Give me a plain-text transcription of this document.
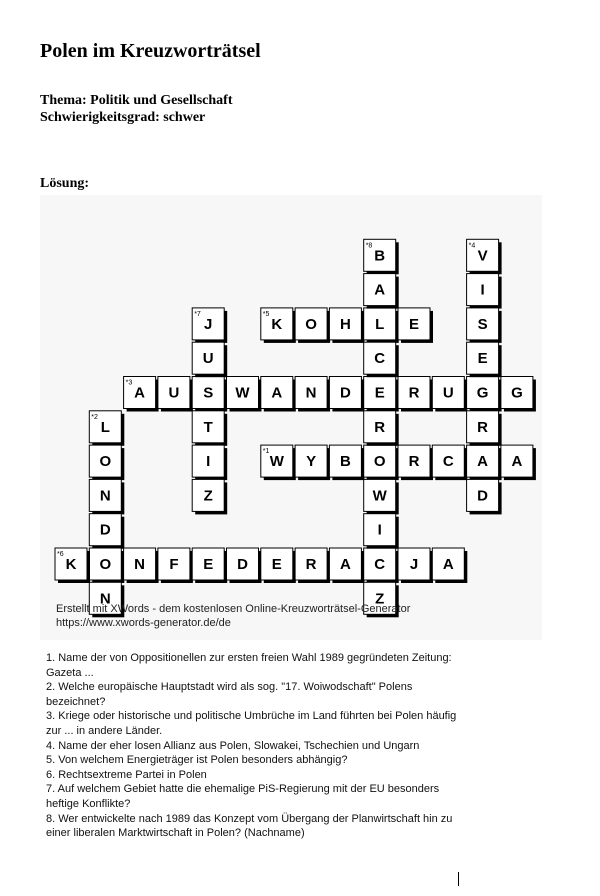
Polen im Kreuzworträtsel
Thema: Politik und Gesellschaft
Schwierigkeitsgrad: schwer
Lösung:
W
*1
Y B O R C A A
L
*2
O
N
D
O
N
A
*3
U S W A N D E R U G G
V
*4
I
S
E
R
D
K
*5
O H L E
K
*6
N F E D E R A C J A
J
*7
U
T
I
Z
B
*8
A
C
R
W
I
Z
Erstellt mit XWords - dem kostenlosen Online-Kreuzworträtsel-Generator
https://www.xwords-generator.de/de
1. Name der von Oppositionellen zur ersten freien Wahl 1989 gegründeten Zeitung: Gazeta ...
2. Welche europäische Hauptstadt wird als sog. "17. Woiwodschaft" Polens bezeichnet?
3. Kriege oder historische und politische Umbrüche im Land führten bei Polen häufig zur ... in andere Länder.
4. Name der eher losen Allianz aus Polen, Slowakei, Tschechien und Ungarn
5. Von welchem Energieträger ist Polen besonders abhängig?
6. Rechtsextreme Partei in Polen
7. Auf welchem Gebiet hatte die ehemalige PiS-Regierung mit der EU besonders heftige Konflikte?
8. Wer entwickelte nach 1989 das Konzept vom Übergang der Planwirtschaft hin zu einer liberalen Marktwirtschaft in Polen? (Nachname)
